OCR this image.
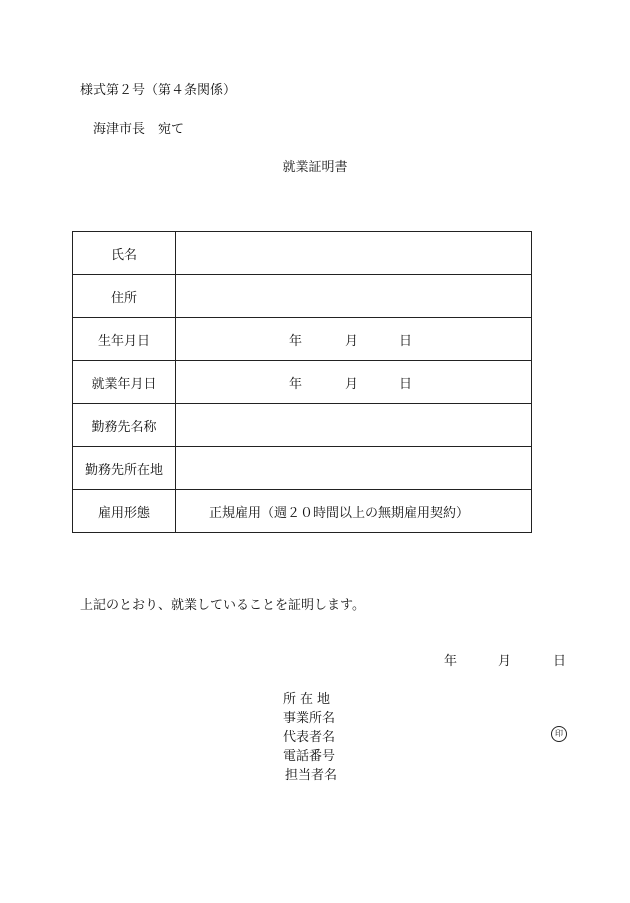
様式第２号（第４条関係）
海津市長　宛て
就業証明書
氏名	
住所	
生年月日	年 月 日

就業年月日	年 月 日

勤務先名称	
勤務先所在地	
雇用形態	正規雇用（週２０時間以上の無期雇用契約）
上記のとおり、就業していることを証明します。
年	月	日
所在地
事業所名
代表者名
電話番号
担当者名
印
